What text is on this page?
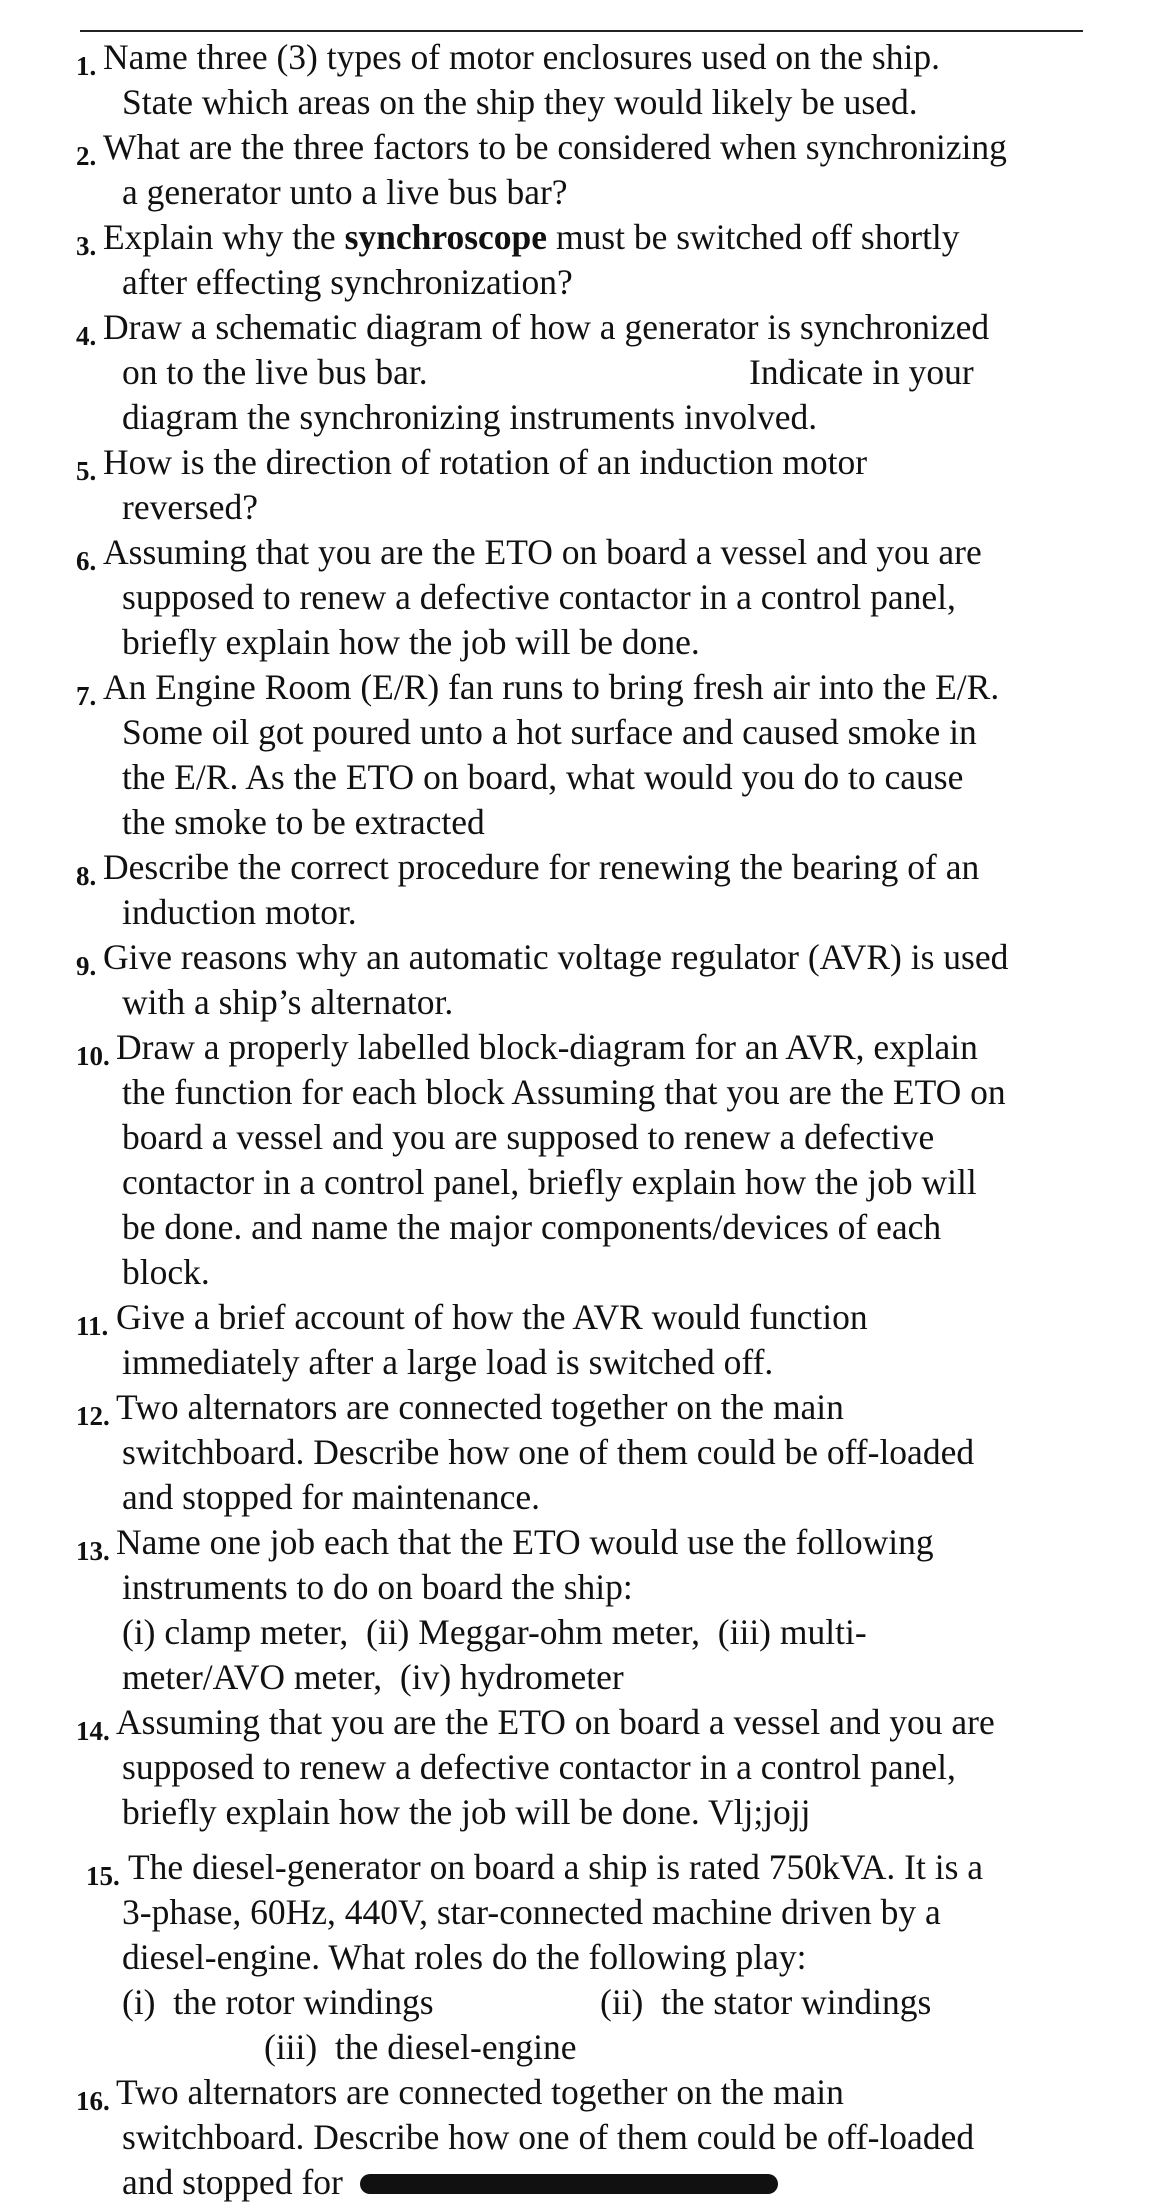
1. Name three (3) types of motor enclosures used on the ship.
State which areas on the ship they would likely be used.
2. What are the three factors to be considered when synchronizing
a generator unto a live bus bar?
3. Explain why the synchroscope must be switched off shortly
after effecting synchronization?
4. Draw a schematic diagram of how a generator is synchronized
on to the live bus bar.	Indicate in your
diagram the synchronizing instruments involved.
5. How is the direction of rotation of an induction motor
reversed?
6. Assuming that you are the ETO on board a vessel and you are
supposed to renew a defective contactor in a control panel,
briefly explain how the job will be done.
7. An Engine Room (E/R) fan runs to bring fresh air into the E/R.
Some oil got poured unto a hot surface and caused smoke in
the E/R. As the ETO on board, what would you do to cause
the smoke to be extracted
8. Describe the correct procedure for renewing the bearing of an
induction motor.
9. Give reasons why an automatic voltage regulator (AVR) is used
with a ship’s alternator.
10. Draw a properly labelled block-diagram for an AVR, explain
the function for each block Assuming that you are the ETO on
board a vessel and you are supposed to renew a defective
contactor in a control panel, briefly explain how the job will
be done. and name the major components/devices of each
block.
11. Give a brief account of how the AVR would function
immediately after a large load is switched off.
12. Two alternators are connected together on the main
switchboard. Describe how one of them could be off-loaded
and stopped for maintenance.
13. Name one job each that the ETO would use the following
instruments to do on board the ship:
(i) clamp meter,  (ii) Meggar-ohm meter,  (iii) multi-
meter/AVO meter,  (iv) hydrometer
14. Assuming that you are the ETO on board a vessel and you are
supposed to renew a defective contactor in a control panel,
briefly explain how the job will be done. Vlj;jojj
15. The diesel-generator on board a ship is rated 750kVA. It is a
3-phase, 60Hz, 440V, star-connected machine driven by a
diesel-engine. What roles do the following play:
(i)  the rotor windings	(ii)  the stator windings
(iii)  the diesel-engine
16. Two alternators are connected together on the main
switchboard. Describe how one of them could be off-loaded
and stopped for
